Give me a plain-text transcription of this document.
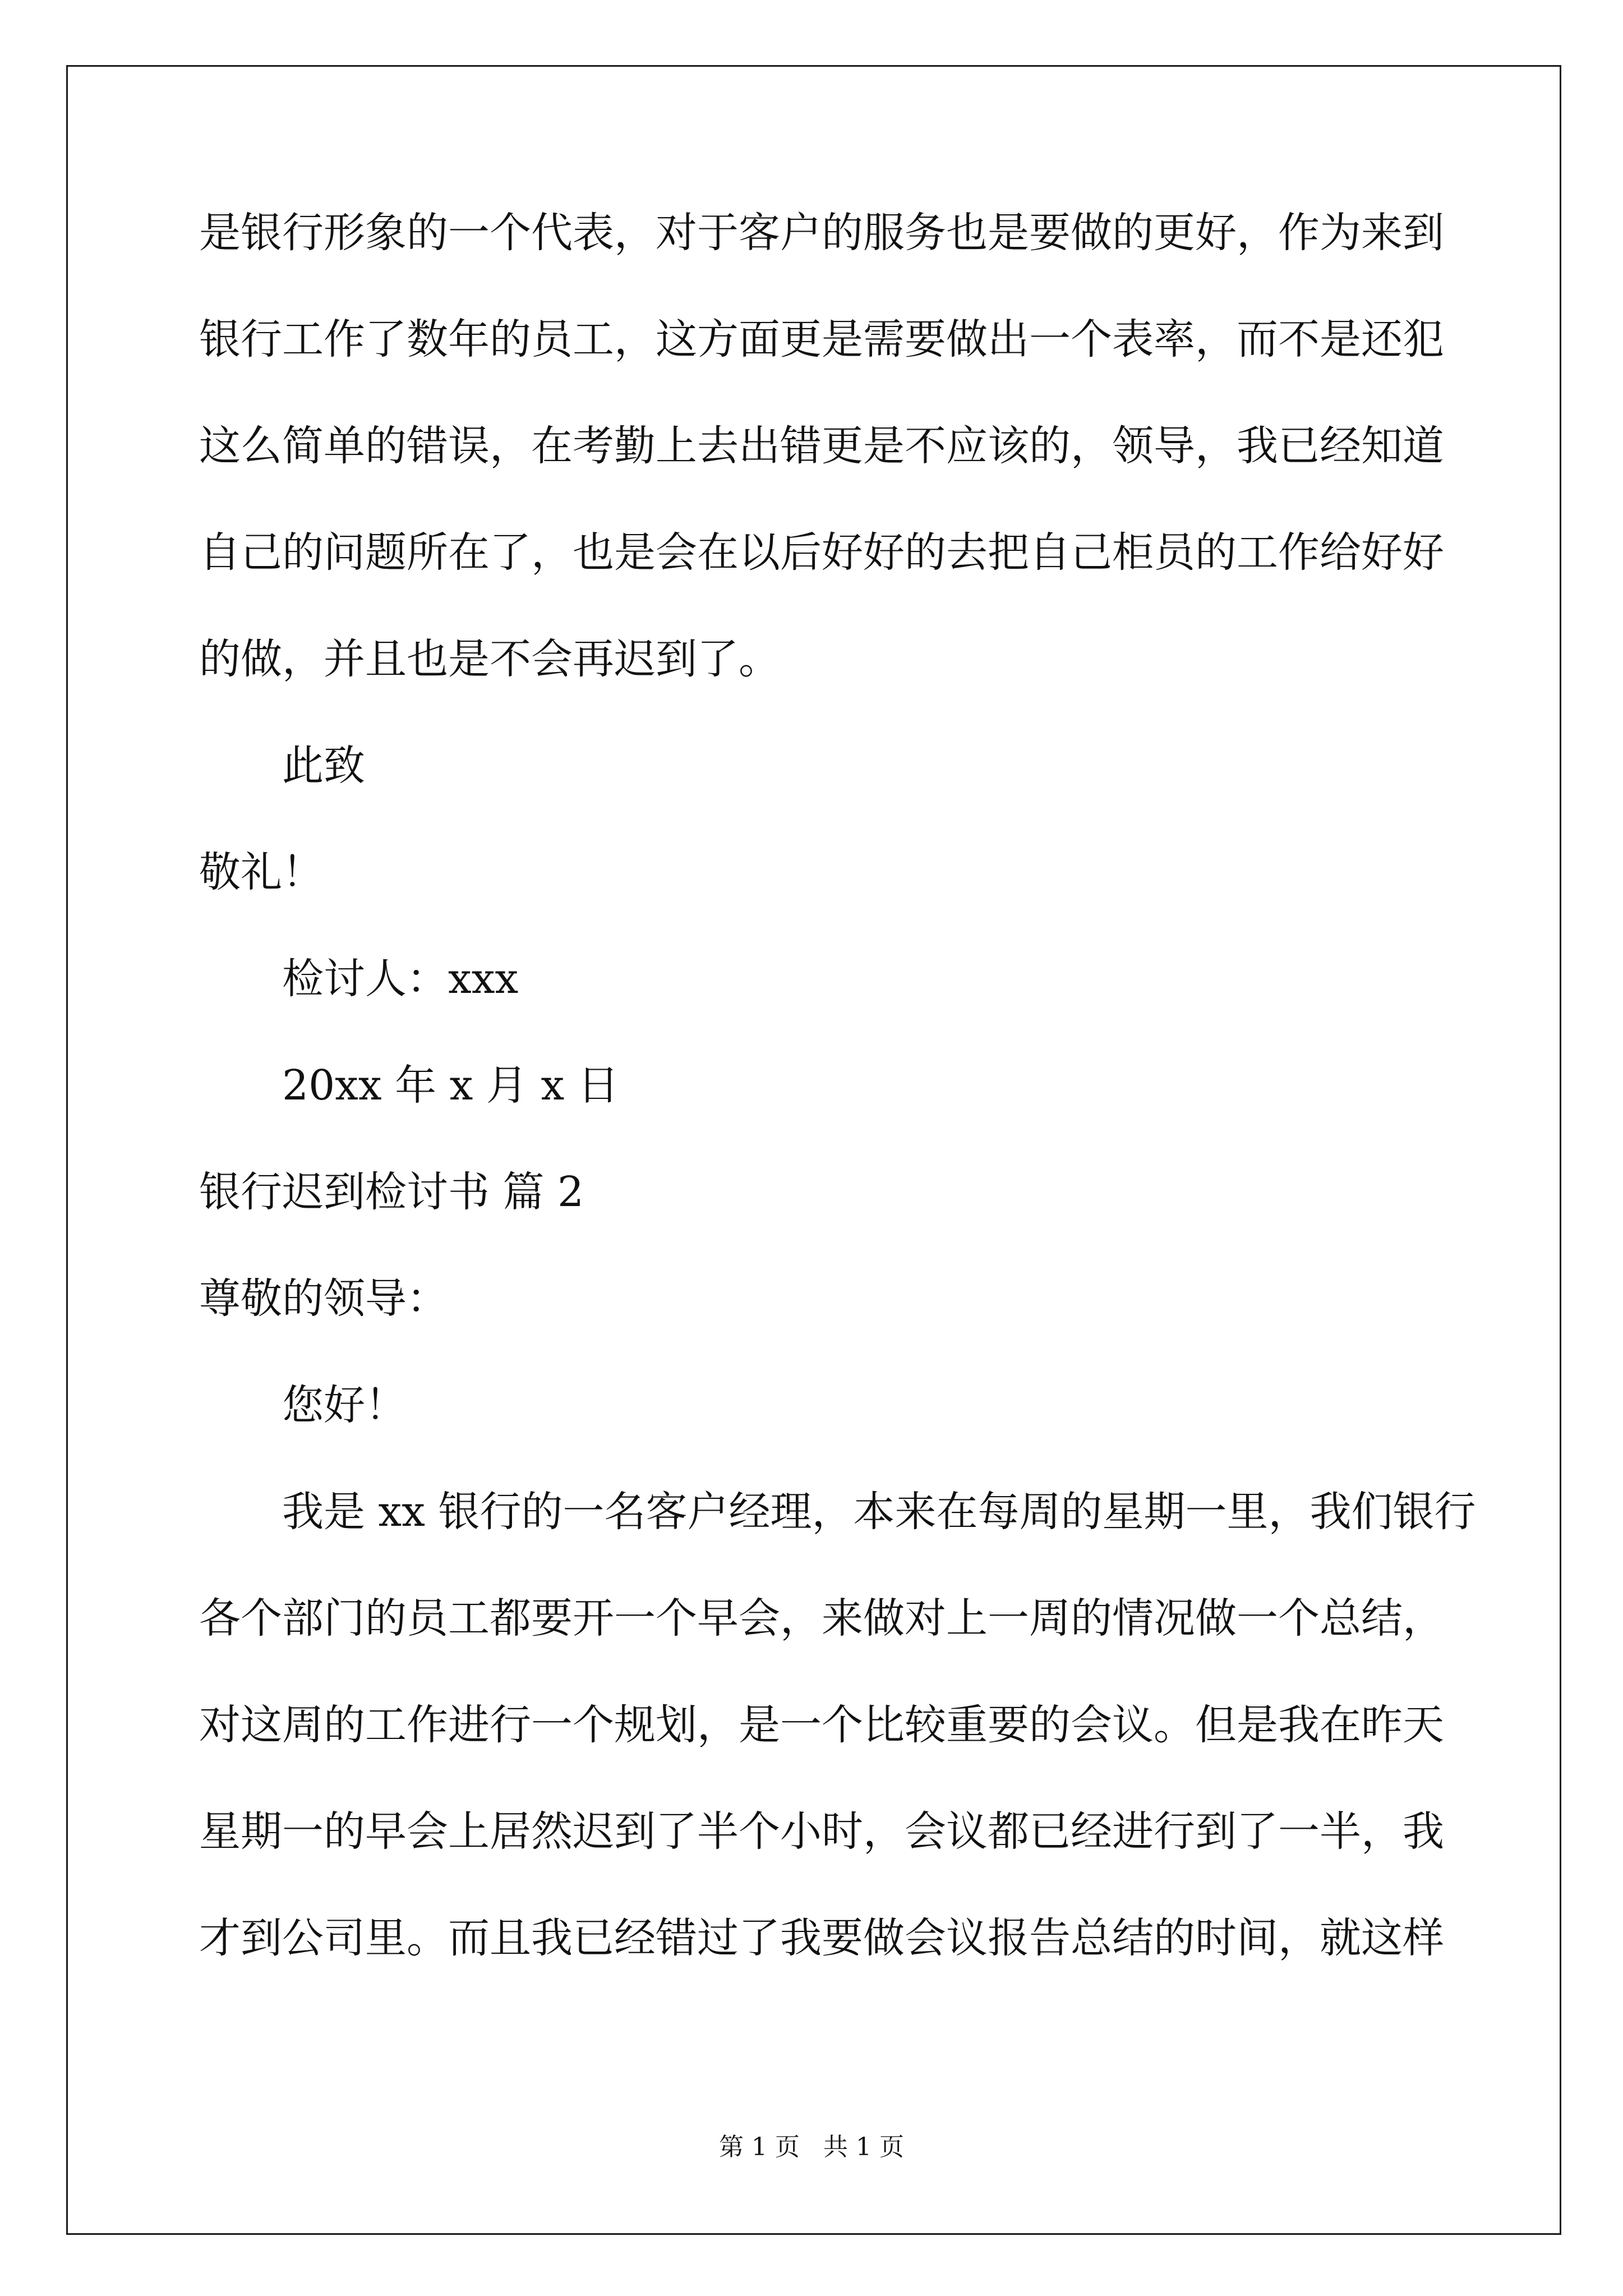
是银行形象的一个代表，对于客户的服务也是要做的更好，作为来到
银行工作了数年的员工，这方面更是需要做出一个表率，而不是还犯
这么简单的错误，在考勤上去出错更是不应该的，领导，我已经知道
自己的问题所在了，也是会在以后好好的去把自己柜员的工作给好好
的做，并且也是不会再迟到了。
此致
敬礼！
检讨人：xxx
20xx 年 x 月 x 日
银行迟到检讨书 篇 2
尊敬的领导：
您好！
我是 xx 银行的一名客户经理，本来在每周的星期一里，我们银行
各个部门的员工都要开一个早会，来做对上一周的情况做一个总结，
对这周的工作进行一个规划，是一个比较重要的会议。但是我在昨天
星期一的早会上居然迟到了半个小时，会议都已经进行到了一半，我
才到公司里。而且我已经错过了我要做会议报告总结的时间，就这样
第 1 页 共 1 页
